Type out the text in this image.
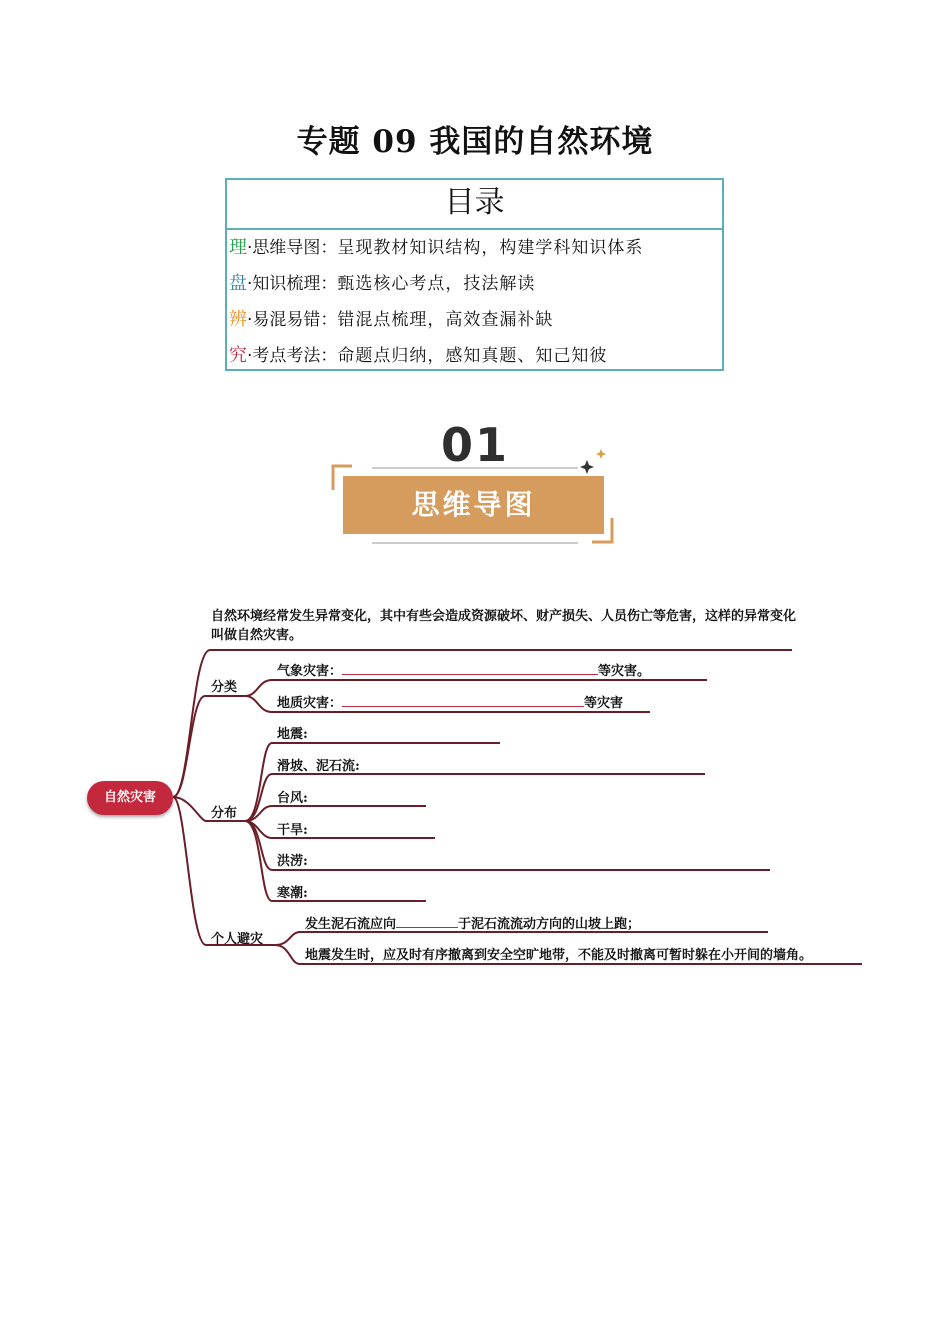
专题 09 我国的自然环境
目录
理·思维导图：呈现教材知识结构，构建学科知识体系
盘·知识梳理：甄选核心考点，技法解读
辨·易混易错：错混点梳理，高效查漏补缺
究·考点考法：命题点归纳，感知真题、知己知彼
01
思维导图
自然环境经常发生异常变化，其中有些会造成资源破坏、财产损失、人员伤亡等危害，这样的异常变化叫做自然灾害。
自然灾害
分类
气象灾害：	等灾害。
地质灾害：	等灾害
分布
地震:
滑坡、泥石流:
台风:
干旱:
洪涝:
寒潮:
个人避灾
发生泥石流应向	于泥石流流动方向的山坡上跑；
地震发生时，应及时有序撤离到安全空旷地带，不能及时撤离可暂时躲在小开间的墙角。
